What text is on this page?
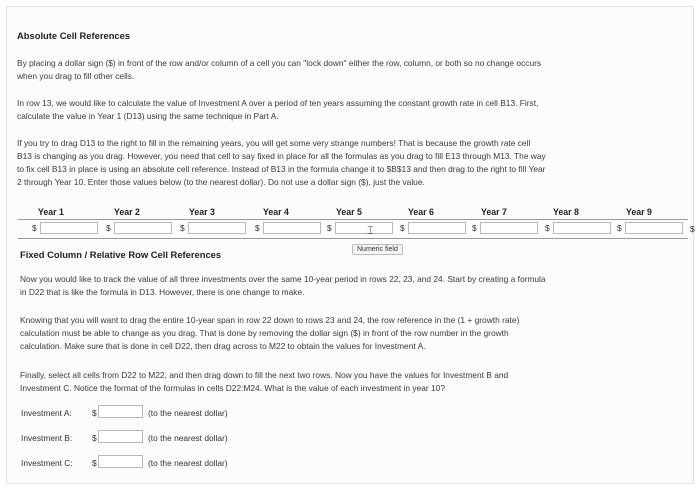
Absolute Cell References
By placing a dollar sign ($) in front of the row and/or column of a cell you can "lock down" either the row, column, or both so no change occurs
when you drag to fill other cells.
In row 13, we would like to calculate the value of Investment A over a period of ten years assuming the constant growth rate in cell B13. First,
calculate the value in Year 1 (D13) using the same technique in Part A.
If you try to drag D13 to the right to fill in the remaining years, you will get some very strange numbers! That is because the growth rate cell
B13 is changing as you drag. However, you need that cell to say fixed in place for all the formulas as you drag to fill E13 through M13. The way
to fix cell B13 in place is using an absolute cell reference. Instead of B13 in the formula change it to $B$13 and then drag to the right to fill Year
2 through Year 10. Enter those values below (to the nearest dollar). Do not use a dollar sign ($), just the value.
Year 1	Year 2	Year 3	Year 4	Year 5	Year 6	Year 7	Year 8	Year 9
$	$	$	$	$	$	$	$	$	$
⌶
Numeric field
Fixed Column / Relative Row Cell References
Now you would like to track the value of all three investments over the same 10-year period in rows 22, 23, and 24. Start by creating a formula
in D22 that is like the formula in D13. However, there is one change to make.
Knowing that you will want to drag the entire 10-year span in row 22 down to rows 23 and 24, the row reference in the (1 + growth rate)
calculation must be able to change as you drag. That is done by removing the dollar sign ($) in front of the row number in the growth
calculation. Make sure that is done in cell D22, then drag across to M22 to obtain the values for Investment A.
Finally, select all cells from D22 to M22, and then drag down to fill the next two rows. Now you have the values for Investment B and
Investment C. Notice the format of the formulas in cells D22:M24. What is the value of each investment in year 10?
Investment A: $	(to the nearest dollar)
Investment B: $	(to the nearest dollar)
Investment C: $	(to the nearest dollar)
